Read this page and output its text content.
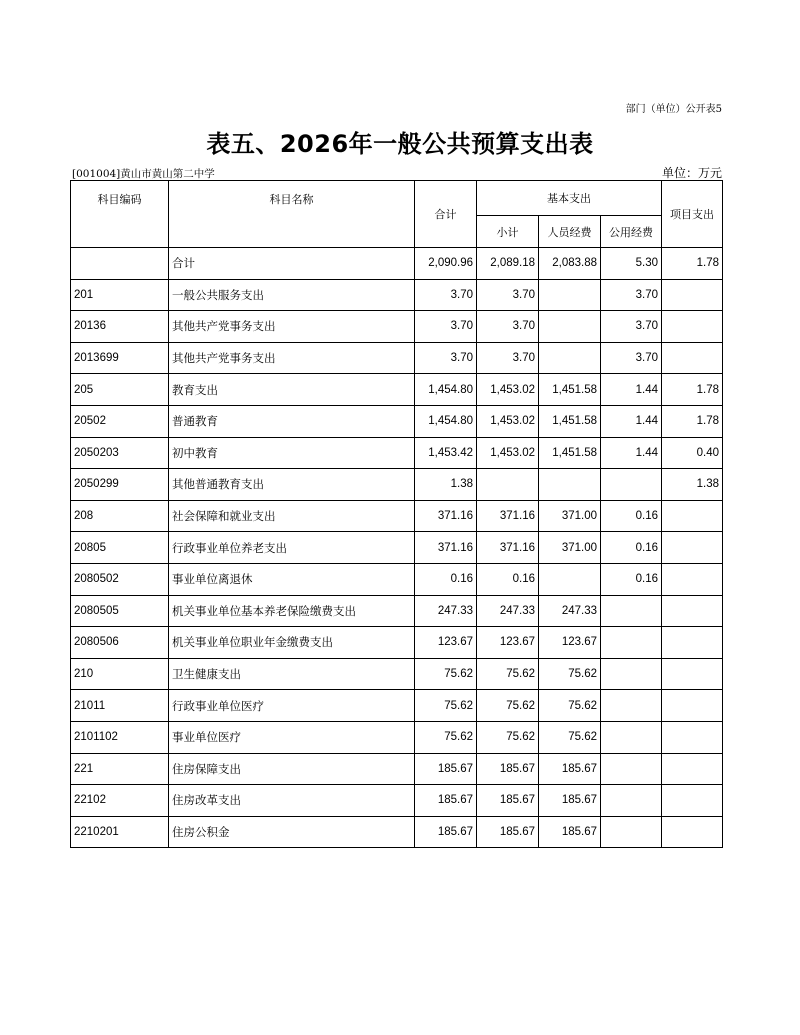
部门（单位）公开表5
表五、2026年一般公共预算支出表
[001004]黄山市黄山第二中学	单位：万元
科目编码	科目名称	合计	基本支出			项目支出
			小计	人员经费	公用经费	
	合计	2,090.96	2,089.18	2,083.88	5.30	1.78
201	一般公共服务支出	3.70	3.70		3.70	
20136	其他共产党事务支出	3.70	3.70		3.70	
2013699	其他共产党事务支出	3.70	3.70		3.70	
205	教育支出	1,454.80	1,453.02	1,451.58	1.44	1.78
20502	普通教育	1,454.80	1,453.02	1,451.58	1.44	1.78
2050203	初中教育	1,453.42	1,453.02	1,451.58	1.44	0.40
2050299	其他普通教育支出	1.38				1.38
208	社会保障和就业支出	371.16	371.16	371.00	0.16	
20805	行政事业单位养老支出	371.16	371.16	371.00	0.16	
2080502	事业单位离退休	0.16	0.16		0.16	
2080505	机关事业单位基本养老保险缴费支出	247.33	247.33	247.33		
2080506	机关事业单位职业年金缴费支出	123.67	123.67	123.67		
210	卫生健康支出	75.62	75.62	75.62		
21011	行政事业单位医疗	75.62	75.62	75.62		
2101102	事业单位医疗	75.62	75.62	75.62		
221	住房保障支出	185.67	185.67	185.67		
22102	住房改革支出	185.67	185.67	185.67		
2210201	住房公积金	185.67	185.67	185.67		
